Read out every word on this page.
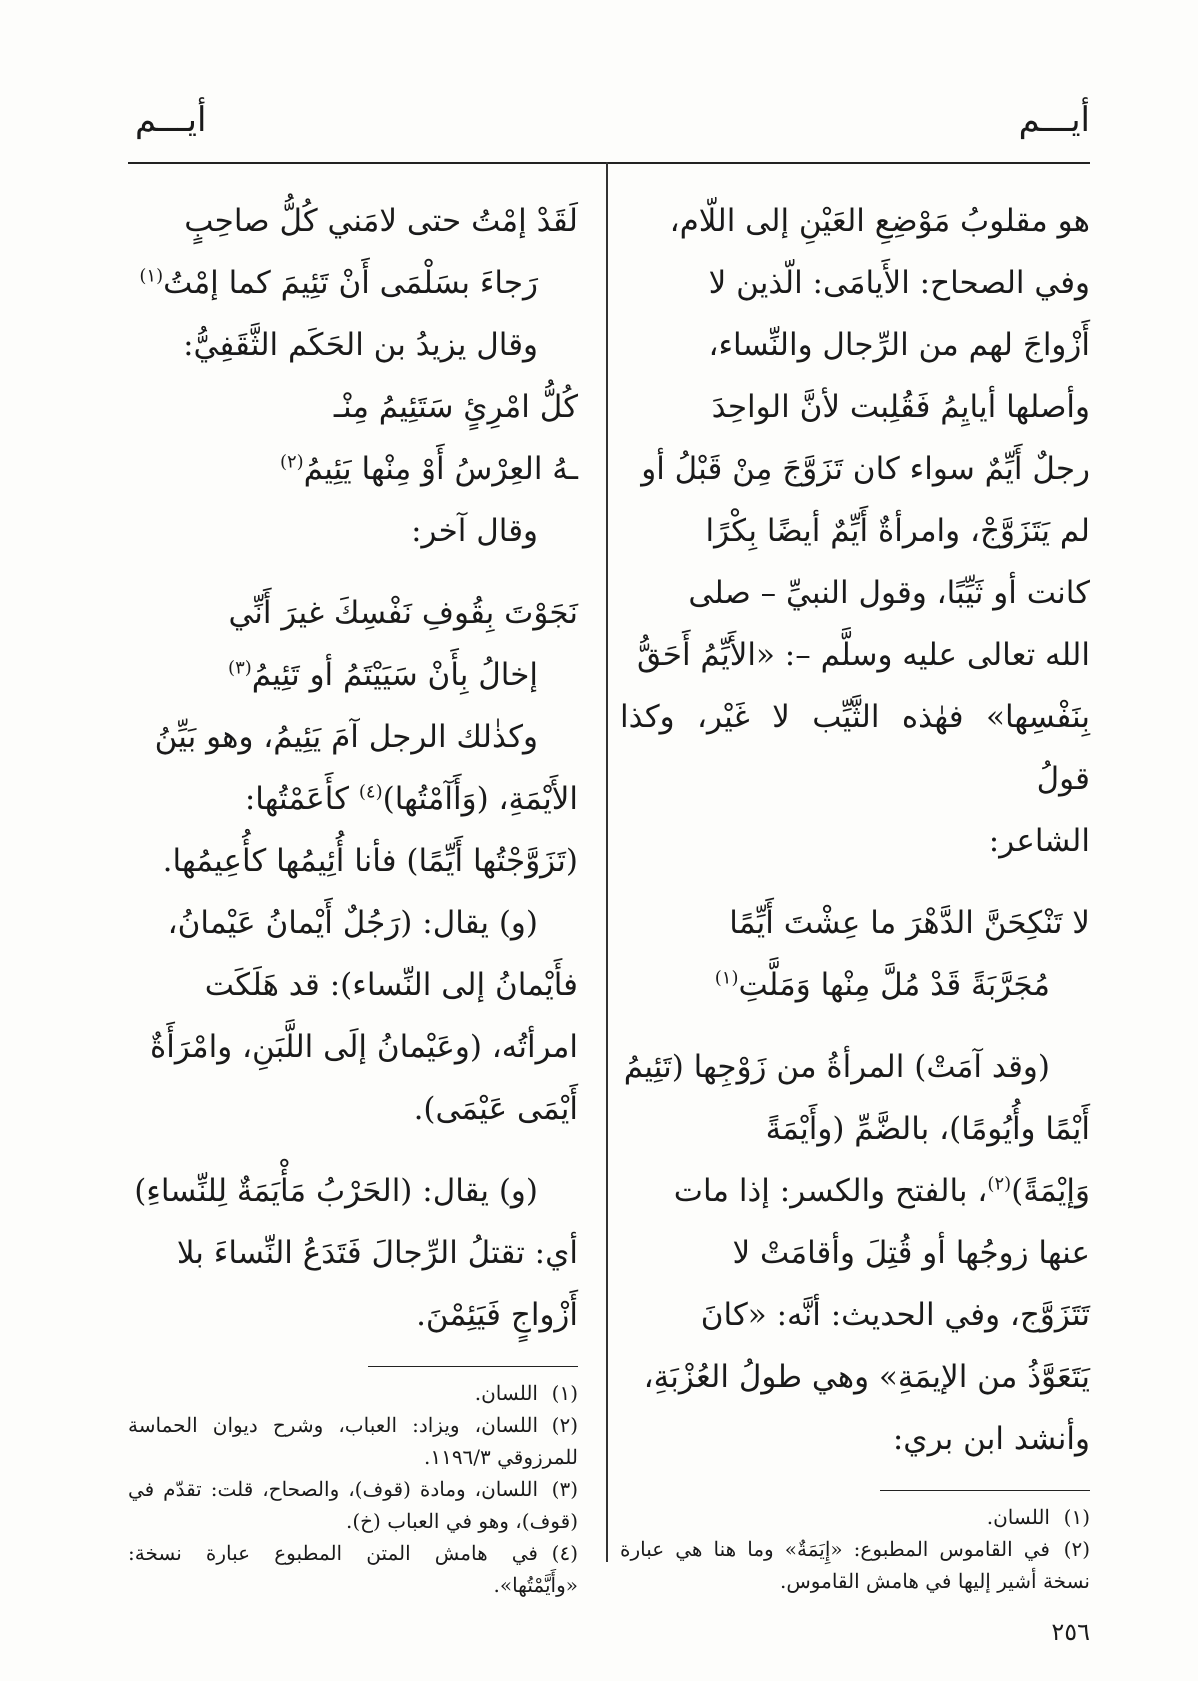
أيـــم
أيـــم

هو مقلوبُ مَوْضِعِ العَيْنِ إلى اللّام،

وفي الصحاح: الأَيامَى: الّذين لا

أَزْواجَ لهم من الرِّجال والنِّساء،

وأصلها أيايِمُ فَقُلِبت لأنَّ الواحِدَ

رجلٌ أَيِّمٌ سواء كان تَزَوَّجَ مِنْ قَبْلُ أو

لم يَتَزَوَّجْ، وامرأةٌ أَيِّمٌ أيضًا بِكْرًا

كانت أو ثَيِّبًا، وقول النبيِّ – صلى

الله تعالى عليه وسلَّم –: «الأَيِّمُ أَحَقُّ

بِنَفْسِها» فهٰذه الثَّيِّب لا غَيْر، وكذا قولُ

الشاعر:

لا تَنْكِحَنَّ الدَّهْرَ ما عِشْتَ أَيِّمًا

مُجَرَّبَةً قَدْ مُلَّ مِنْها وَمَلَّتِ$^{(١)}$

(وقد آمَتْ) المرأةُ من زَوْجِها (تَئِيمُ

أَيْمًا وأُيُومًا)، بالضَّمِّ (وأَيْمَةً

وَإيْمَةً)$^{(٢)}$، بالفتح والكسر: إذا مات

عنها زوجُها أو قُتِلَ وأقامَتْ لا

تَتَزَوَّج، وفي الحديث: أنَّه: «كانَ

يَتَعَوَّذُ من الإيمَةِ» وهي طولُ العُزْبَةِ،

وأنشد ابن بري:

(١)اللسان.

(٢)في القاموس المطبوع: «إِيَمَةٌ» وما هنا هي عبارة نسخة أشير إليها في هامش القاموس.

لَقَدْ إمْتُ حتى لامَني كُلُّ صاحِبٍ

رَجاءَ بسَلْمَى أَنْ تَئِيمَ كما إمْتُ$^{(١)}$

وقال يزيدُ بن الحَكَم الثَّقَفِيُّ:

كُلُّ امْرِئٍ سَتَئِيمُ مِنْـ

ـهُ العِرْسُ أَوْ مِنْها يَئِيمُ$^{(٢)}$

وقال آخر:

نَجَوْتَ بِقُوفِ نَفْسِكَ غيرَ أَنِّي

إخالُ بِأَنْ سَيَيْتَمُ أو تَئِيمُ$^{(٣)}$

وكذٰلك الرجل آمَ يَئِيمُ، وهو بَيِّنُ

الأَيْمَةِ، (وَأَآمْتُها)$^{(٤)}$ كأَعَمْتُها:

(تَزَوَّجْتُها أَيِّمًا) فأنا أُئِيمُها كأُعِيمُها.

(و) يقال: (رَجُلٌ أَيْمانُ عَيْمانُ،

فأَيْمانُ إلى النِّساء): قد هَلَكَت

امرأتُه، (وعَيْمانُ إلَى اللَّبَنِ، وامْرَأَةٌ

أَيْمَى عَيْمَى).

(و) يقال: (الحَرْبُ مَأْيَمَةٌ لِلنِّساءِ)

أي: تقتلُ الرِّجالَ فَتَدَعُ النِّساءَ بلا

أَزْواجٍ فَيَئِمْنَ.

(١)اللسان.

(٢)اللسان، ويزاد: العباب، وشرح ديوان الحماسة للمرزوقي ١١٩٦/٣.

(٣)اللسان، ومادة (قوف)، والصحاح، قلت: تقدّم في (قوف)، وهو في العباب (خ).

(٤)في هامش المتن المطبوع عبارة نسخة: «وأَيَّمْتُها».

٢٥٦
